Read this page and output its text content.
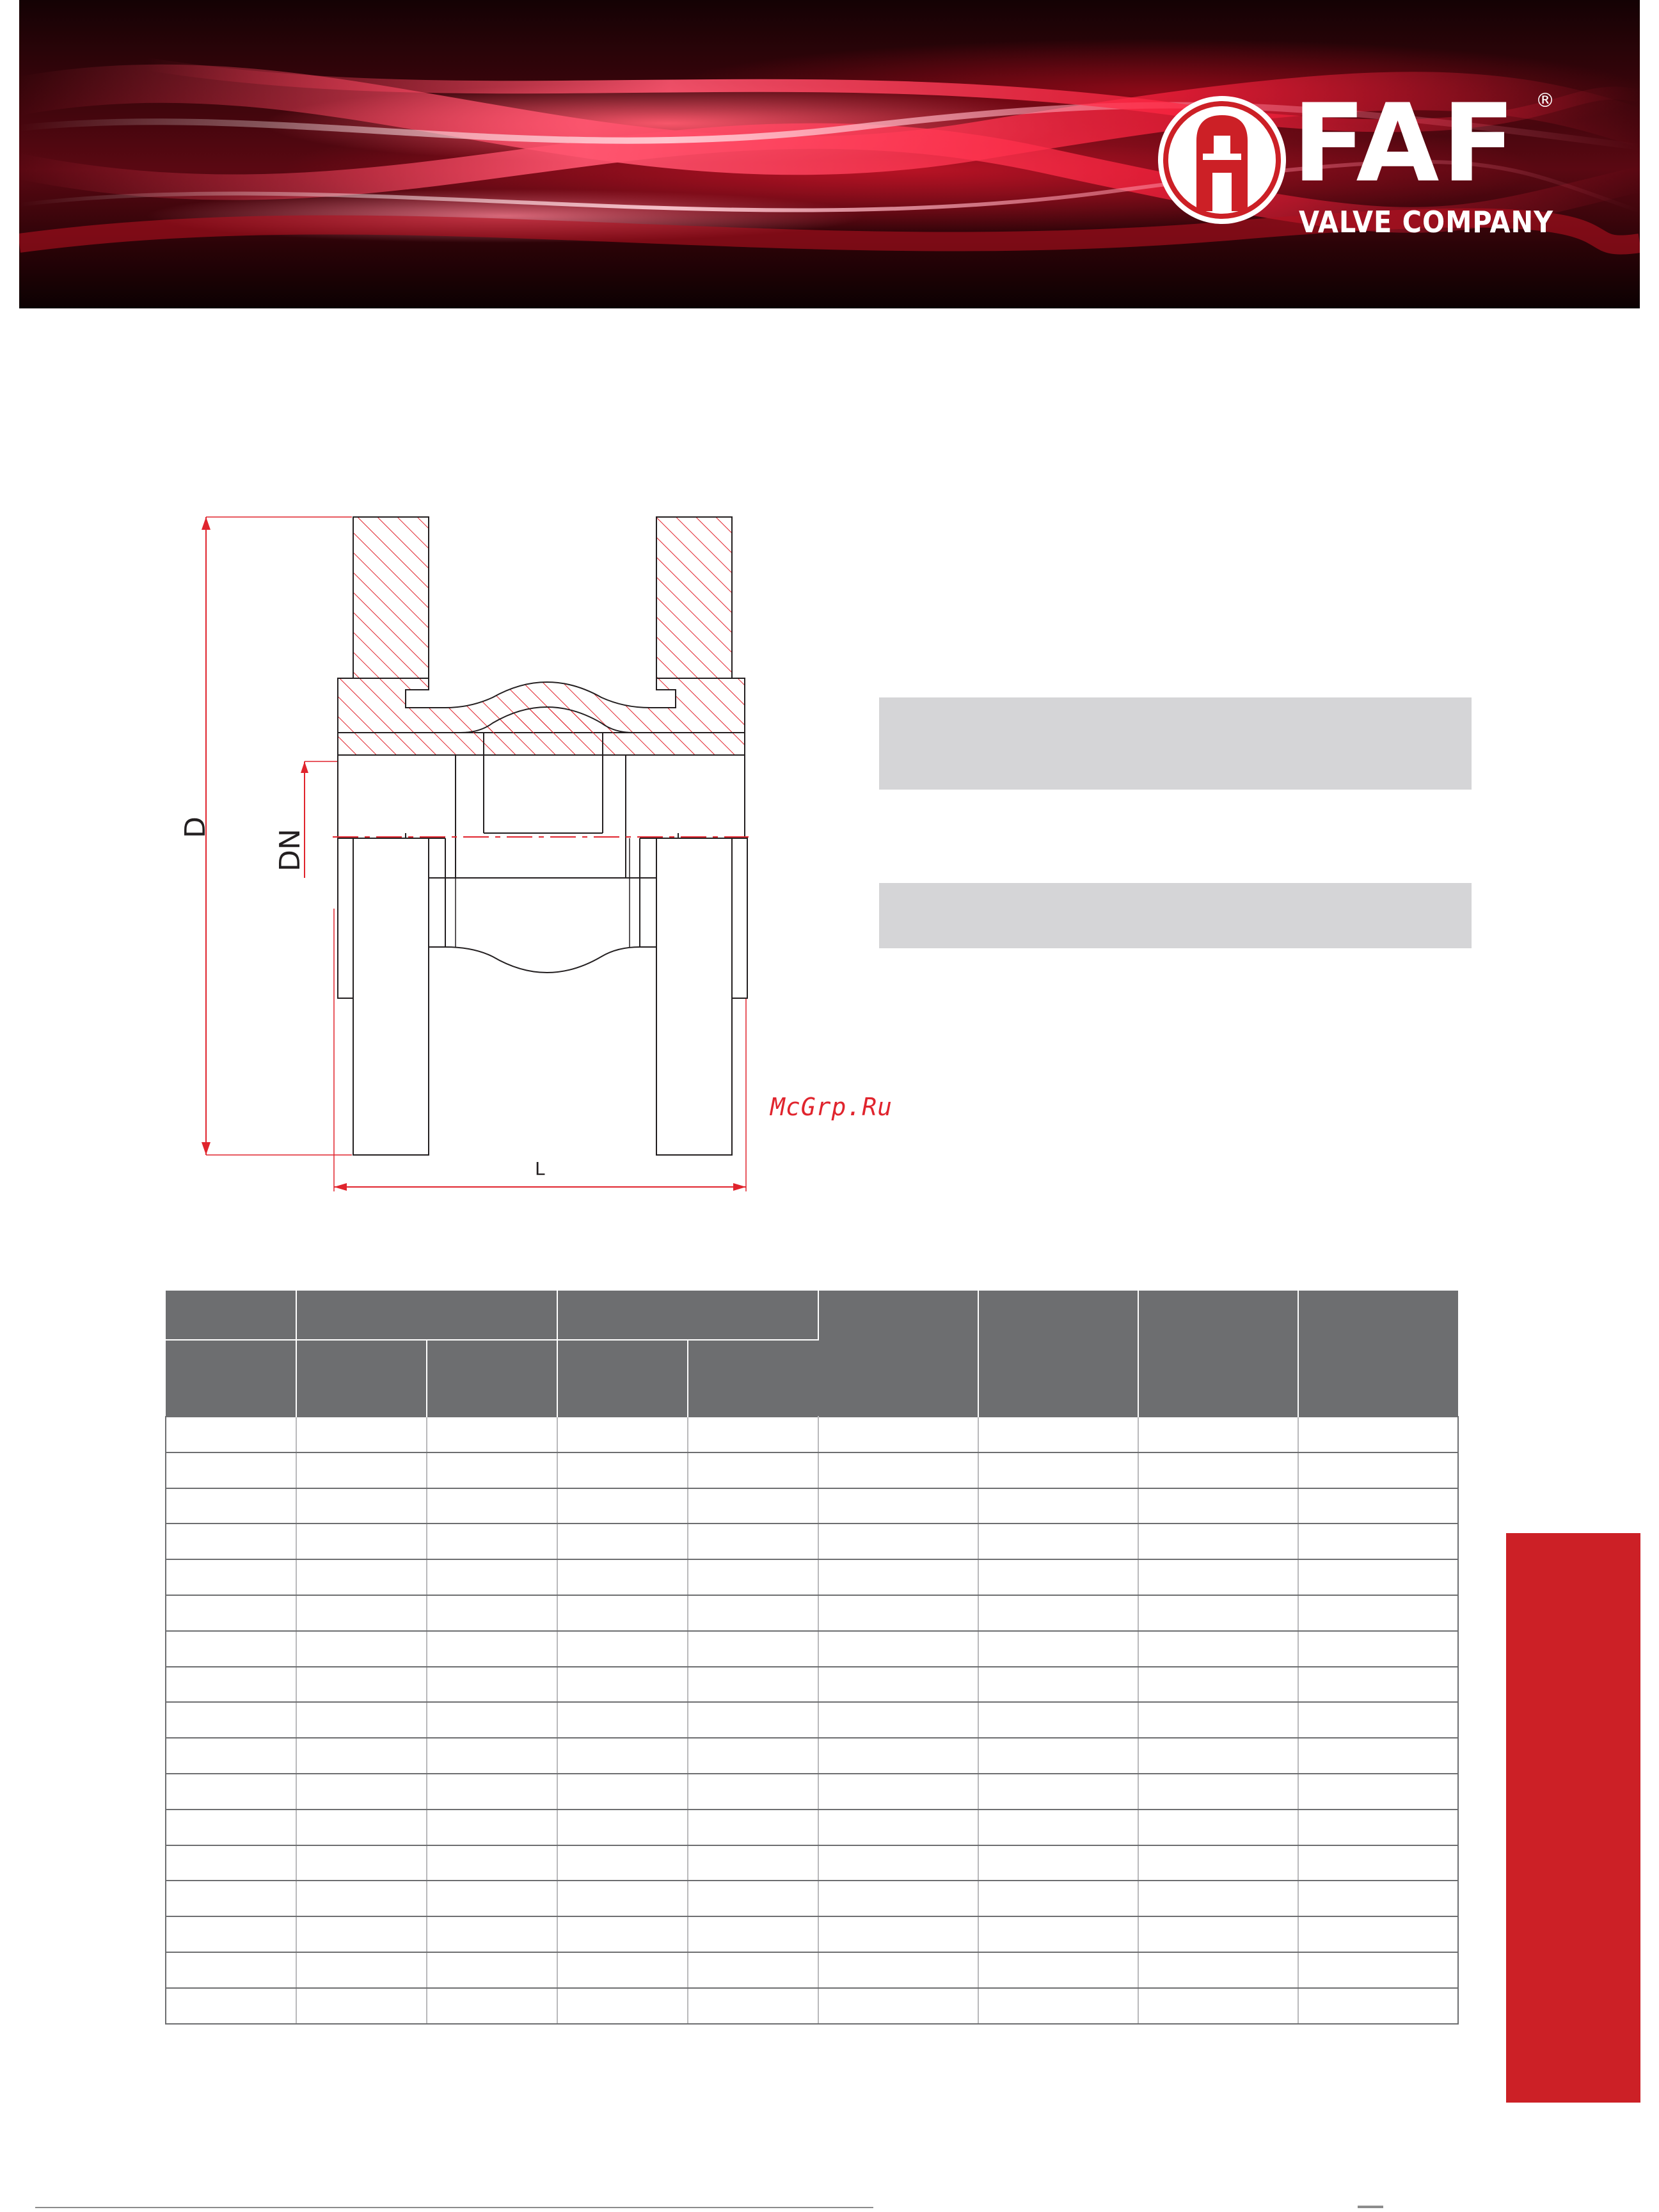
FAF ®
VALVE COMPANY
D
DN
L
McGrp.Ru
